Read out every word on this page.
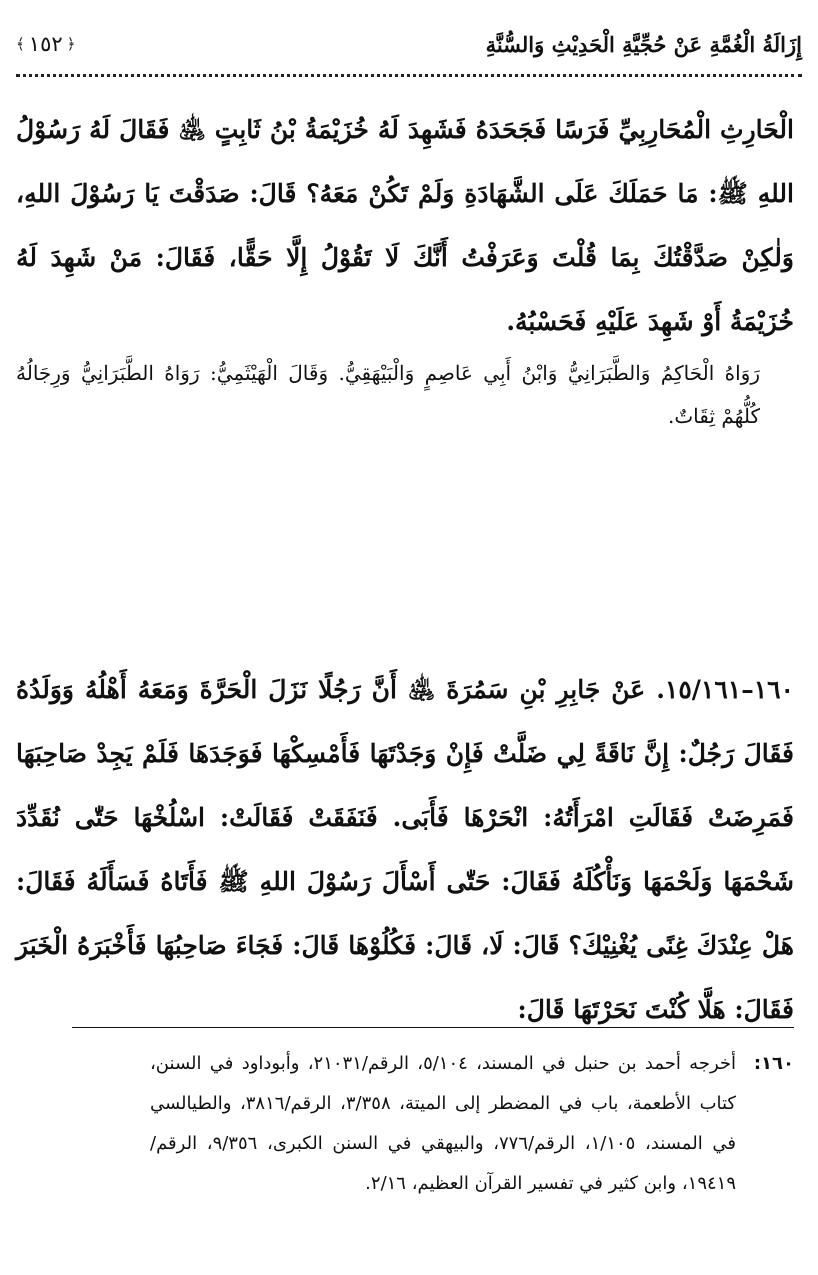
﴿
١٥٢
﴾	إِزَالَةُ الْغُمَّةِ عَنْ حُجِّيَّةِ الْحَدِيْثِ وَالسُّنَّةِ
الْحَارِثِ الْمُحَارِبِيِّ فَرَسًا فَجَحَدَهُ فَشَهِدَ لَهُ خُزَيْمَةُ بْنُ ثَابِتٍ ﵁ فَقَالَ لَهُ رَسُوْلُ اللهِ ﷺ: مَا حَمَلَكَ عَلَى الشَّهَادَةِ وَلَمْ تَكُنْ مَعَهُ؟ قَالَ: صَدَقْتَ يَا رَسُوْلَ اللهِ، وَلٰكِنْ صَدَّقْتُكَ بِمَا قُلْتَ وَعَرَفْتُ أَنَّكَ لَا تَقُوْلُ إِلَّا حَقًّا، فَقَالَ: مَنْ شَهِدَ لَهُ خُزَيْمَةُ أَوْ شَهِدَ عَلَيْهِ فَحَسْبُهُ.
رَوَاهُ الْحَاكِمُ وَالطَّبَرَانِيُّ وَابْنُ أَبِي عَاصِمٍ وَالْبَيْهَقِيُّ. وَقَالَ الْهَيْثَمِيُّ: رَوَاهُ الطَّبَرَانِيُّ وَرِجَالُهُ كُلُّهُمْ ثِقَاتٌ.
١٦٠–١٥/١٦١. عَنْ جَابِرِ بْنِ سَمُرَةَ ﵁ أَنَّ رَجُلًا نَزَلَ الْحَرَّةَ وَمَعَهُ أَهْلُهُ وَوَلَدُهُ فَقَالَ رَجُلٌ: إِنَّ نَاقَةً لِي ضَلَّتْ فَإِنْ وَجَدْتَهَا فَأَمْسِكْهَا فَوَجَدَهَا فَلَمْ يَجِدْ صَاحِبَهَا فَمَرِضَتْ فَقَالَتِ امْرَأَتُهُ: انْحَرْهَا فَأَبَى. فَنَفَقَتْ فَقَالَتْ: اسْلُخْهَا حَتّٰى نُقَدِّدَ شَحْمَهَا وَلَحْمَهَا وَنَأْكُلَهُ فَقَالَ: حَتّٰى أَسْأَلَ رَسُوْلَ اللهِ ﷺ فَأَتَاهُ فَسَأَلَهُ فَقَالَ: هَلْ عِنْدَكَ غِنًى يُغْنِيْكَ؟ قَالَ: لَا، قَالَ: فَكُلُوْهَا قَالَ: فَجَاءَ صَاحِبُهَا فَأَخْبَرَهُ الْخَبَرَ فَقَالَ: هَلَّا كُنْتَ نَحَرْتَهَا قَالَ:
١٦٠:
أخرجه أحمد بن حنبل في المسند، ٥/١٠٤، الرقم/٢١٠٣١، وأبوداود في السنن، كتاب الأطعمة، باب في المضطر إلى الميتة، ٣/٣٥٨، الرقم/٣٨١٦، والطيالسي في المسند، ١/١٠٥، الرقم/٧٧٦، والبيهقي في السنن الكبرى، ٩/٣٥٦، الرقم/١٩٤١٩، وابن كثير في تفسير القرآن العظيم، ٢/١٦.
